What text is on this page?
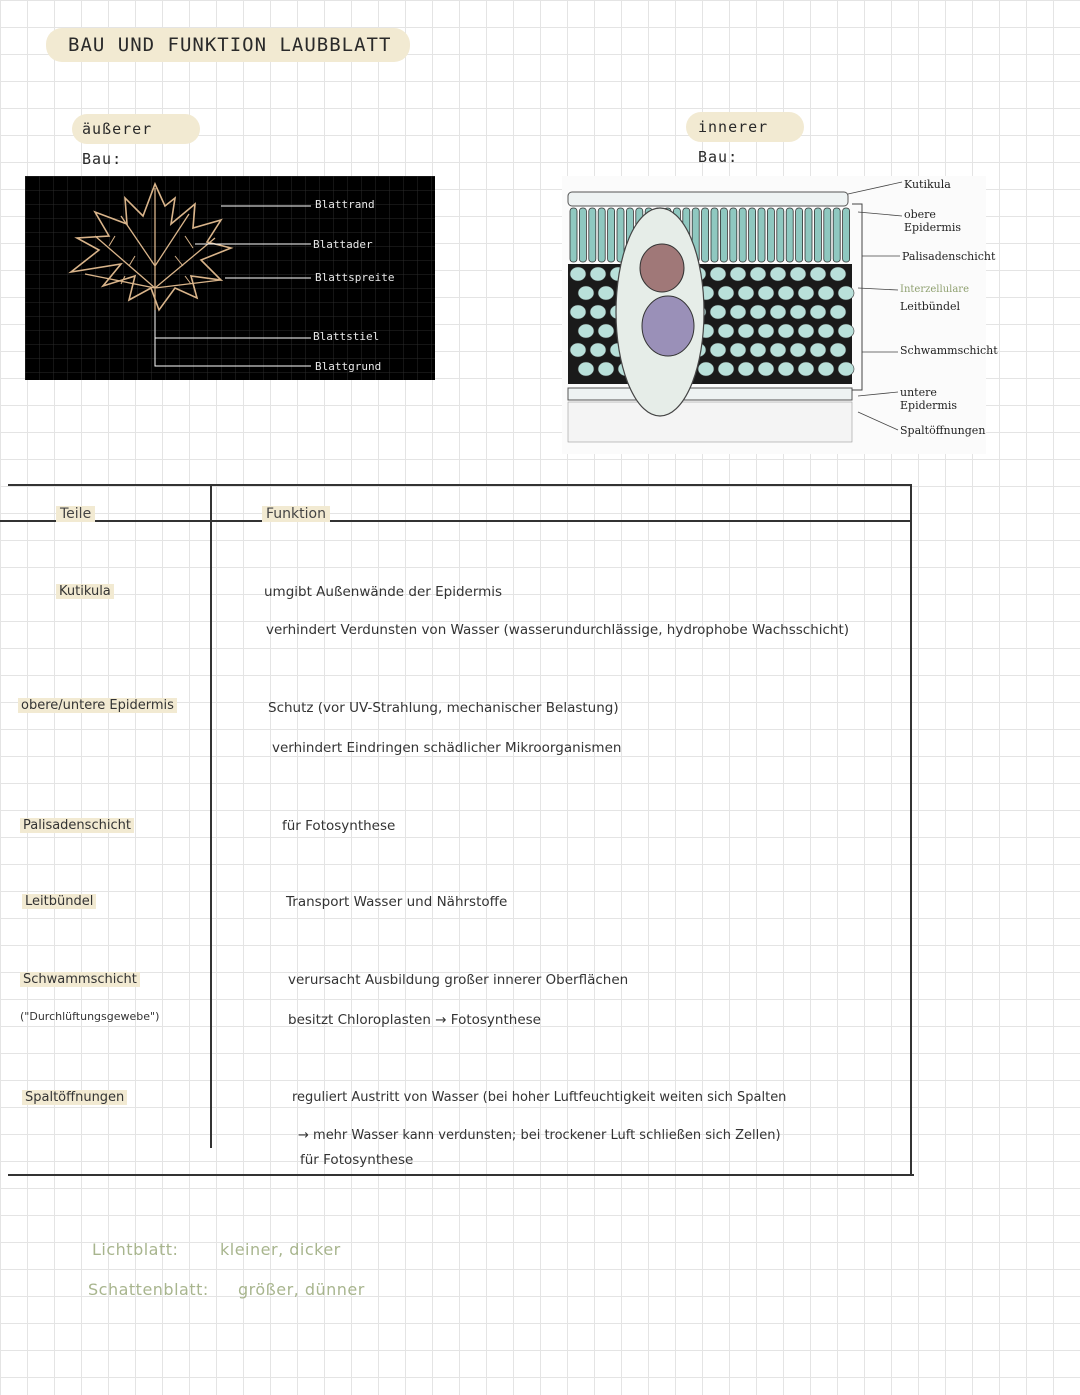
BAU UND FUNKTION LAUBBLATT
äußerer Bau:
Blattrand
Blattader
Blattspreite
Blattstiel
Blattgrund
innerer Bau:
Kutikula
obere Epidermis
Palisadenschicht
Interzellulare
Leitbündel
Schwammschicht
untere Epidermis
Spaltöffnungen
Teile	Funktion
Kutikula	umgibt Außenwände der Epidermis
verhindert Verdunsten von Wasser (wasserundurchlässige, hydrophobe Wachsschicht)
obere/untere Epidermis	Schutz (vor UV-Strahlung, mechanischer Belastung)
verhindert Eindringen schädlicher Mikroorganismen
Palisadenschicht	für Fotosynthese
Leitbündel	Transport Wasser und Nährstoffe
Schwammschicht
("Durchlüftungsgewebe")
verursacht Ausbildung großer innerer Oberflächen
besitzt Chloroplasten → Fotosynthese
Spaltöffnungen	reguliert Austritt von Wasser (bei hoher Luftfeuchtigkeit weiten sich Spalten
→ mehr Wasser kann verdunsten; bei trockener Luft schließen sich Zellen)
für Fotosynthese
Lichtblatt:	kleiner, dicker
Schattenblatt: größer, dünner
